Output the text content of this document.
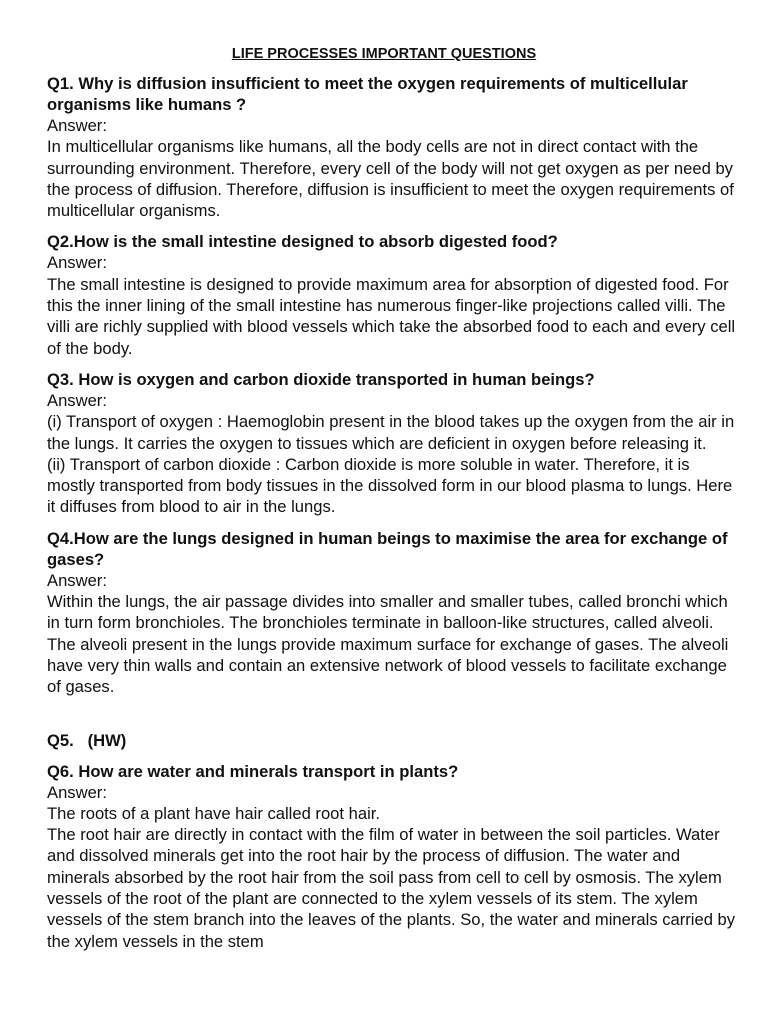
LIFE PROCESSES IMPORTANT QUESTIONS

Q1. Why is diffusion insufficient to meet the oxygen requirements of multicellular organisms like humans ?

Answer:

In multicellular organisms like humans, all the body cells are not in direct contact with the surrounding environment. Therefore, every cell of the body will not get oxygen as per need by the process of diffusion. Therefore, diffusion is insufficient to meet the oxygen requirements of multicellular organisms.

Q2.How is the small intestine designed to absorb digested food?

Answer:

The small intestine is designed to provide maximum area for absorption of digested food. For this the inner lining of the small intestine has numerous finger-like projections called villi. The villi are richly supplied with blood vessels which take the absorbed food to each and every cell of the body.

Q3. How is oxygen and carbon dioxide transported in human beings?

Answer:

(i) Transport of oxygen : Haemoglobin present in the blood takes up the oxygen from the air in the lungs. It carries the oxygen to tissues which are deficient in oxygen before releasing it.

(ii) Transport of carbon dioxide : Carbon dioxide is more soluble in water. Therefore, it is mostly transported from body tissues in the dissolved form in our blood plasma to lungs. Here it diffuses from blood to air in the lungs.

Q4.How are the lungs designed in human beings to maximise the area for exchange of gases?

Answer:

Within the lungs, the air passage divides into smaller and smaller tubes, called bronchi which in turn form bronchioles. The bronchioles terminate in balloon-like structures, called alveoli. The alveoli present in the lungs provide maximum surface for exchange of gases. The alveoli have very thin walls and contain an extensive network of blood vessels to facilitate exchange of gases.

Q5.   (HW)

Q6. How are water and minerals transport in plants?

Answer:

The roots of a plant have hair called root hair.

The root hair are directly in contact with the film of water in between the soil particles. Water and dissolved minerals get into the root hair by the process of diffusion. The water and minerals absorbed by the root hair from the soil pass from cell to cell by osmosis. The xylem vessels of the root of the plant are connected to the xylem vessels of its stem. The xylem vessels of the stem branch into the leaves of the plants. So, the water and minerals carried by the xylem vessels in the stem
